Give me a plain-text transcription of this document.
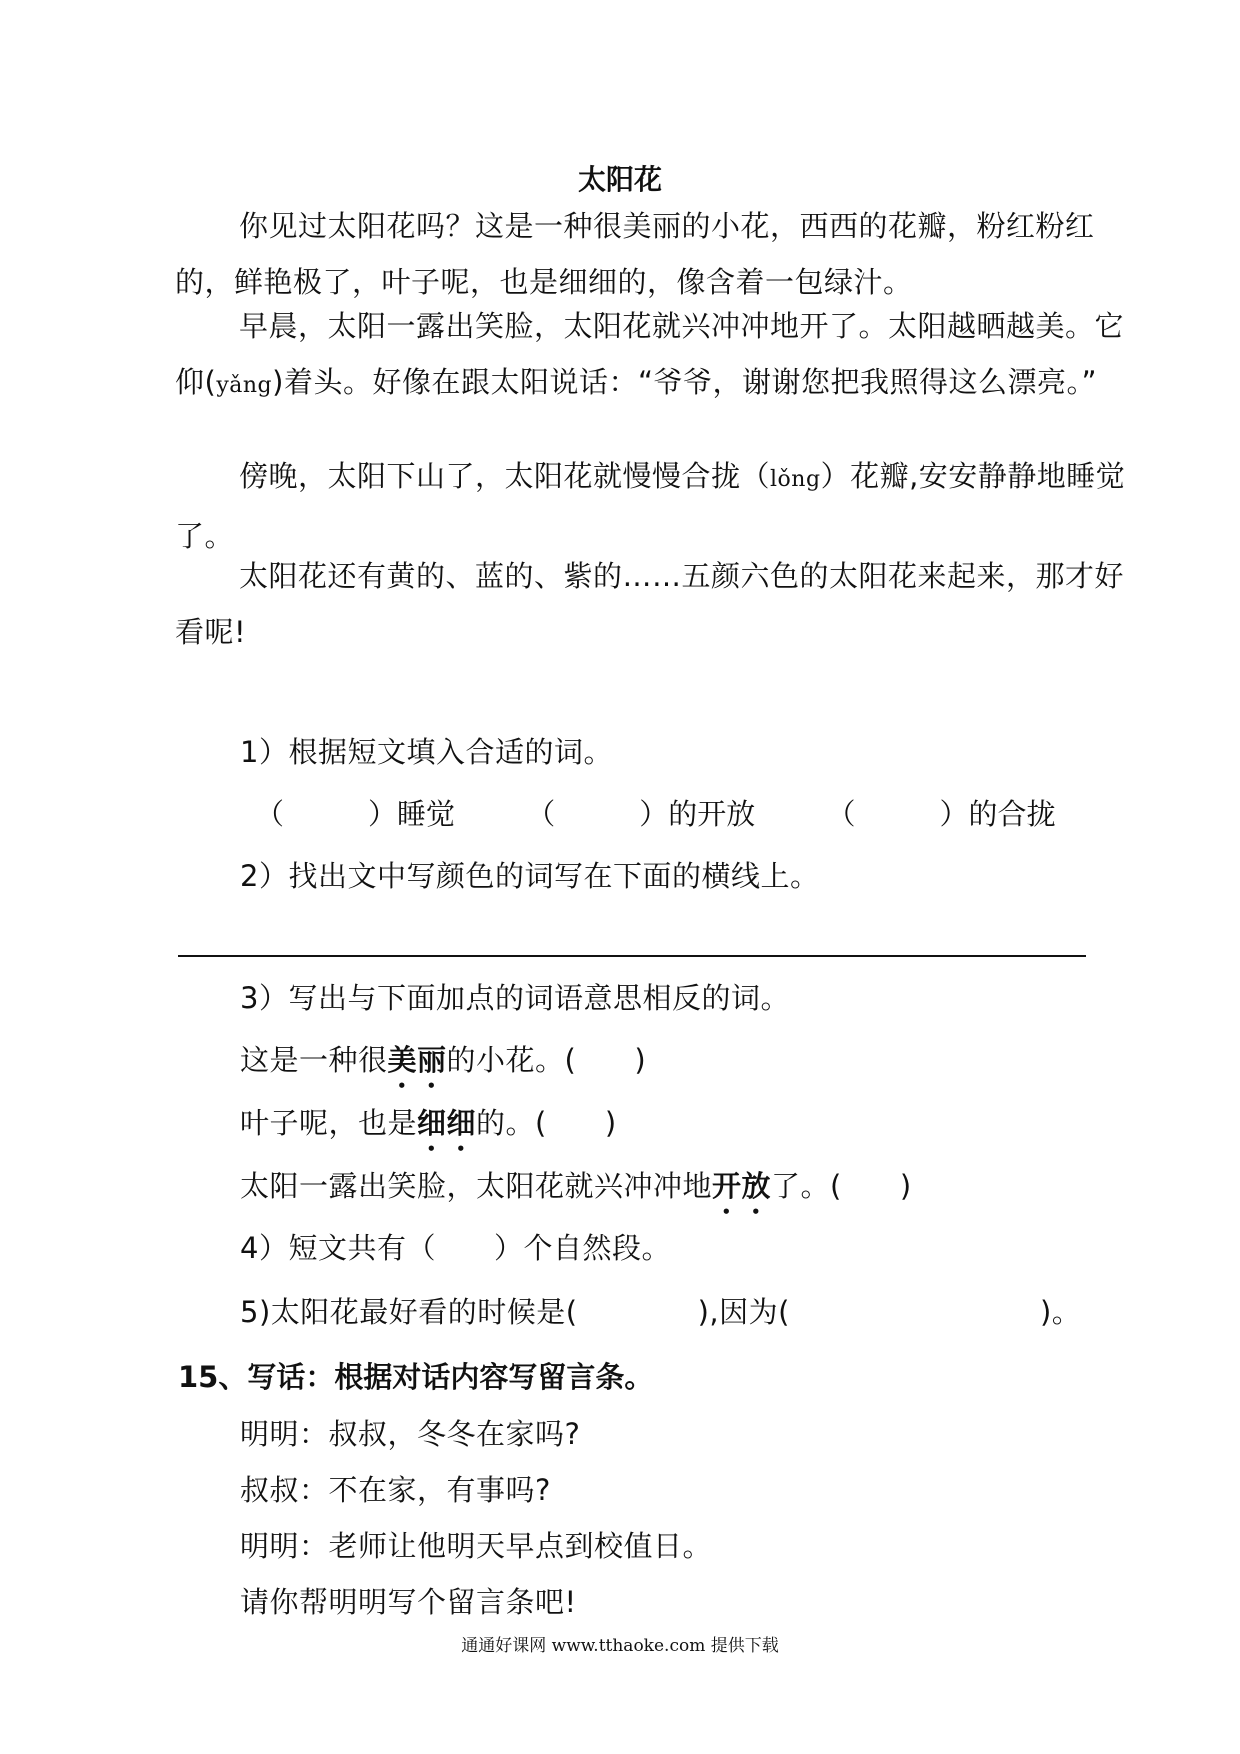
太阳花

你见过太阳花吗？这是一种很美丽的小花，西西的花瓣，粉红粉红的，鲜艳极了，叶子呢，也是细细的，像含着一包绿汁。

早晨，太阳一露出笑脸，太阳花就兴冲冲地开了。太阳越晒越美。它仰(yǎng)着头。好像在跟太阳说话：“爷爷，谢谢您把我照得这么漂亮。”

傍晚，太阳下山了，太阳花就慢慢合拢（lǒng）花瓣,安安静静地睡觉了。

太阳花还有黄的、蓝的、紫的……五颜六色的太阳花来起来，那才好看呢!

1）根据短文填入合适的词。
（	）睡觉 （	）的开放 （	）的合拢
2）找出文中写颜色的词写在下面的横线上。
3）写出与下面加点的词语意思相反的词。
这是一种很美丽的小花。( )
叶子呢，也是细细的。( )
太阳一露出笑脸，太阳花就兴冲冲地开放了。( )
4）短文共有（ ）个自然段。
5)太阳花最好看的时候是(	),因为(	)。
15、写话：根据对话内容写留言条。
明明：叔叔，冬冬在家吗?
叔叔：不在家，有事吗?
明明：老师让他明天早点到校值日。
请你帮明明写个留言条吧!
通通好课网 www.tthaoke.com 提供下载
